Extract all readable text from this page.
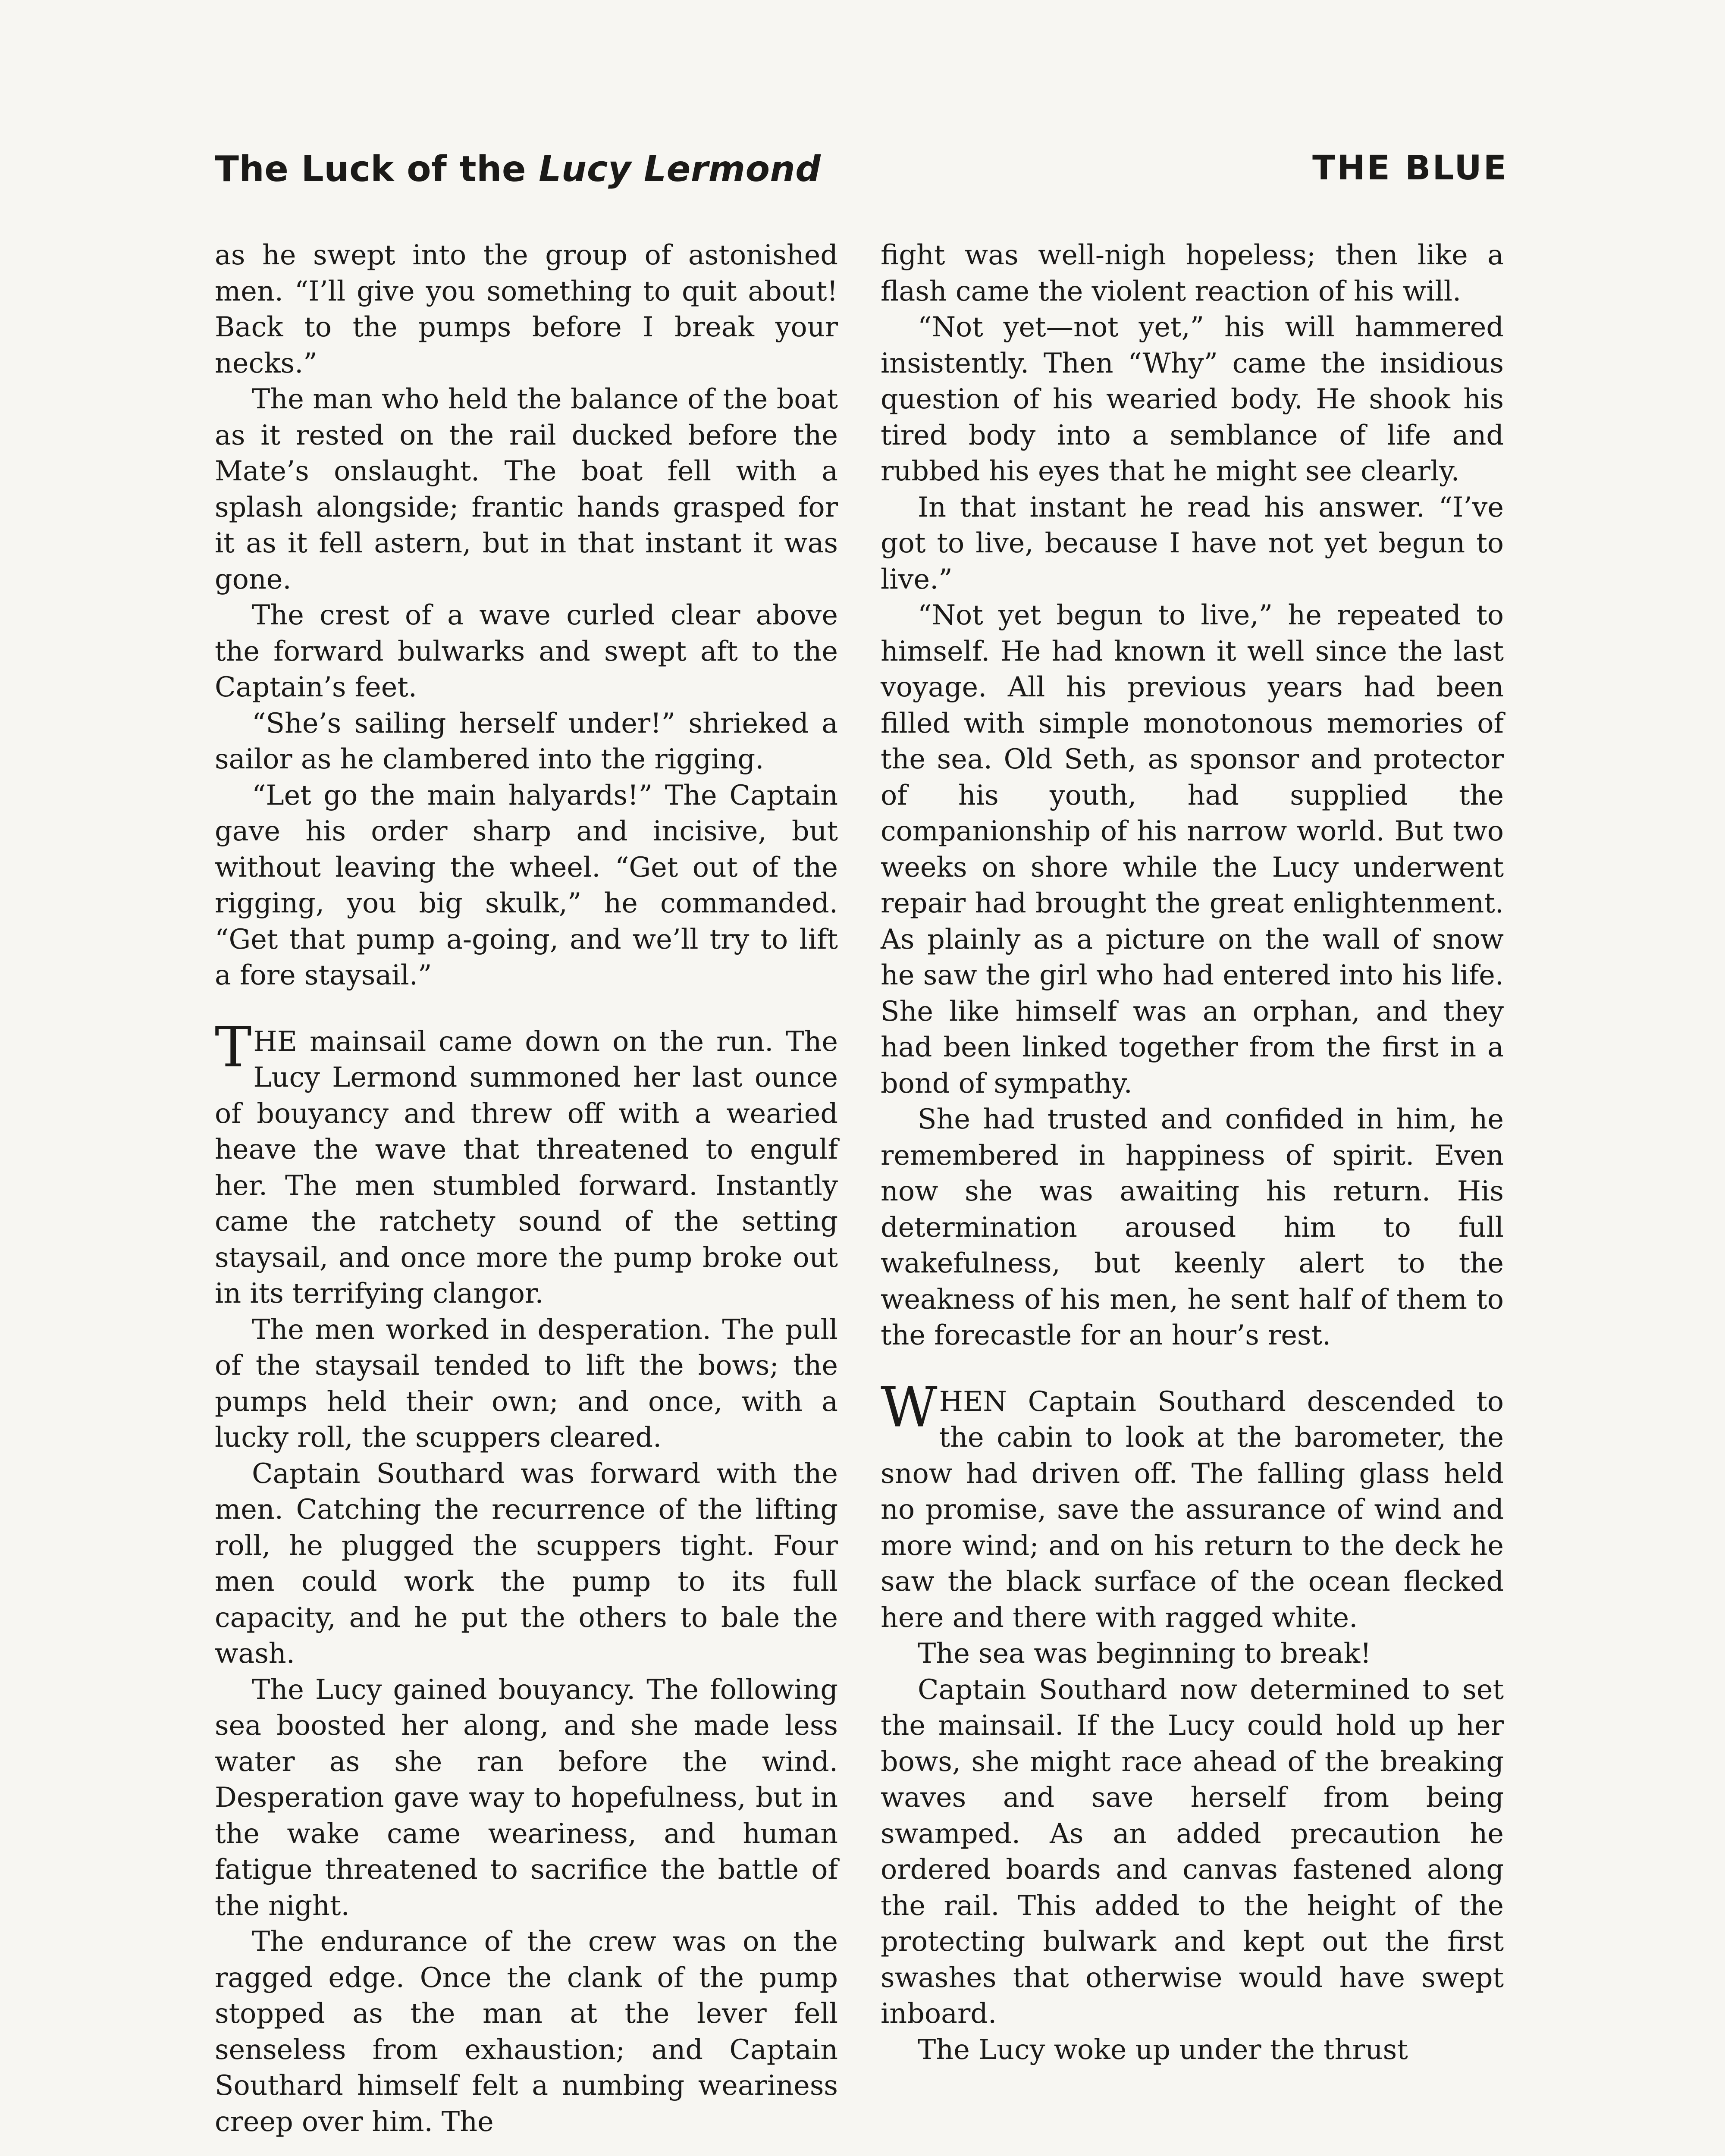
The Luck of the Lucy Lermond	THE BLUE

as he swept into the group of astonished men. “I’ll give you something to quit about! Back to the pumps before I break your necks.”

The man who held the balance of the boat as it rested on the rail ducked before the Mate’s onslaught. The boat fell with a splash alongside; frantic hands grasped for it as it fell astern, but in that instant it was gone.

The crest of a wave curled clear above the forward bulwarks and swept aft to the Captain’s feet.

“She’s sailing herself under!” shrieked a sailor as he clambered into the rigging.

“Let go the main halyards!” The Captain gave his order sharp and incisive, but without leaving the wheel. “Get out of the rigging, you big skulk,” he commanded. “Get that pump a-going, and we’ll try to lift a fore staysail.”

THE mainsail came down on the run. The Lucy Lermond summoned her last ounce of bouyancy and threw off with a wearied heave the wave that threatened to engulf her. The men stumbled forward. Instantly came the ratchety sound of the setting staysail, and once more the pump broke out in its terrifying clangor.

The men worked in desperation. The pull of the staysail tended to lift the bows; the pumps held their own; and once, with a lucky roll, the scuppers cleared.

Captain Southard was forward with the men. Catching the recurrence of the lifting roll, he plugged the scuppers tight. Four men could work the pump to its full capacity, and he put the others to bale the wash.

The Lucy gained bouyancy. The following sea boosted her along, and she made less water as she ran before the wind. Desperation gave way to hopefulness, but in the wake came weariness, and human fatigue threatened to sacrifice the battle of the night.

The endurance of the crew was on the ragged edge. Once the clank of the pump stopped as the man at the lever fell senseless from exhaustion; and Captain Southard himself felt a numbing weariness creep over him. The

fight was well-nigh hopeless; then like a flash came the violent reaction of his will.

“Not yet—not yet,” his will hammered insistently. Then “Why” came the insidious question of his wearied body. He shook his tired body into a semblance of life and rubbed his eyes that he might see clearly.

In that instant he read his answer. “I’ve got to live, because I have not yet begun to live.”

“Not yet begun to live,” he repeated to himself. He had known it well since the last voyage. All his previous years had been filled with simple monotonous memories of the sea. Old Seth, as sponsor and protector of his youth, had supplied the companionship of his narrow world. But two weeks on shore while the Lucy underwent repair had brought the great enlightenment. As plainly as a picture on the wall of snow he saw the girl who had entered into his life. She like himself was an orphan, and they had been linked together from the first in a bond of sympathy.

She had trusted and confided in him, he remembered in happiness of spirit. Even now she was awaiting his return. His determination aroused him to full wakefulness, but keenly alert to the weakness of his men, he sent half of them to the forecastle for an hour’s rest.

WHEN Captain Southard descended to the cabin to look at the barometer, the snow had driven off. The falling glass held no promise, save the assurance of wind and more wind; and on his return to the deck he saw the black surface of the ocean flecked here and there with ragged white.

The sea was beginning to break!

Captain Southard now determined to set the mainsail. If the Lucy could hold up her bows, she might race ahead of the breaking waves and save herself from being swamped. As an added precaution he ordered boards and canvas fastened along the rail. This added to the height of the protecting bulwark and kept out the first swashes that otherwise would have swept inboard.

The Lucy woke up under the thrust
